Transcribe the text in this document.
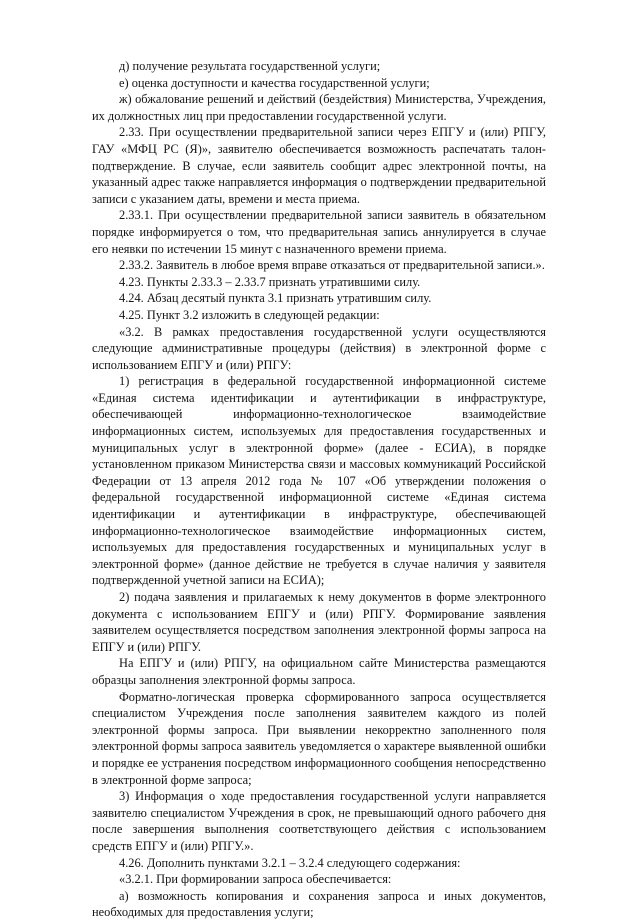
д) получение результата государственной услуги;

е) оценка доступности и качества государственной услуги;

ж) обжалование решений и действий (бездействия) Министерства, Учреждения, их должностных лиц при предоставлении государственной услуги.

2.33. При осуществлении предварительной записи через ЕПГУ и (или) РПГУ, ГАУ «МФЦ РС (Я)», заявителю обеспечивается возможность распечатать талон-подтверждение. В случае, если заявитель сообщит адрес электронной почты, на указанный адрес также направляется информация о подтверждении предварительной записи с указанием даты, времени и места приема.

2.33.1. При осуществлении предварительной записи заявитель в обязательном порядке информируется о том, что предварительная запись аннулируется в случае его неявки по истечении 15 минут с назначенного времени приема.

2.33.2. Заявитель в любое время вправе отказаться от предварительной записи.».

4.23. Пункты 2.33.3 – 2.33.7 признать утратившими силу.

4.24. Абзац десятый пункта 3.1 признать утратившим силу.

4.25. Пункт 3.2 изложить в следующей редакции:

«3.2. В рамках предоставления государственной услуги осуществляются следующие административные процедуры (действия) в электронной форме с использованием ЕПГУ и (или) РПГУ:

1) регистрация в федеральной государственной информационной системе «Единая система идентификации и аутентификации в инфраструктуре, обеспечивающей информационно-технологическое взаимодействие информационных систем, используемых для предоставления государственных и муниципальных услуг в электронной форме» (далее - ЕСИА), в порядке установленном приказом Министерства связи и массовых коммуникаций Российской Федерации от 13 апреля 2012 года № 107 «Об утверждении положения о федеральной государственной информационной системе «Единая система идентификации и аутентификации в инфраструктуре, обеспечивающей информационно-технологическое взаимодействие информационных систем, используемых для предоставления государственных и муниципальных услуг в электронной форме» (данное действие не требуется в случае наличия у заявителя подтвержденной учетной записи на ЕСИА);

2) подача заявления и прилагаемых к нему документов в форме электронного документа с использованием ЕПГУ и (или) РПГУ. Формирование заявления заявителем осуществляется посредством заполнения электронной формы запроса на ЕПГУ и (или) РПГУ.

На ЕПГУ и (или) РПГУ, на официальном сайте Министерства размещаются образцы заполнения электронной формы запроса.

Форматно-логическая проверка сформированного запроса осуществляется специалистом Учреждения после заполнения заявителем каждого из полей электронной формы запроса. При выявлении некорректно заполненного поля электронной формы запроса заявитель уведомляется о характере выявленной ошибки и порядке ее устранения посредством информационного сообщения непосредственно в электронной форме запроса;

3) Информация о ходе предоставления государственной услуги направляется заявителю специалистом Учреждения в срок, не превышающий одного рабочего дня после завершения выполнения соответствующего действия с использованием средств ЕПГУ и (или) РПГУ.».

4.26. Дополнить пунктами 3.2.1 – 3.2.4 следующего содержания:

«3.2.1. При формировании запроса обеспечивается:

а) возможность копирования и сохранения запроса и иных документов, необходимых для предоставления услуги;
